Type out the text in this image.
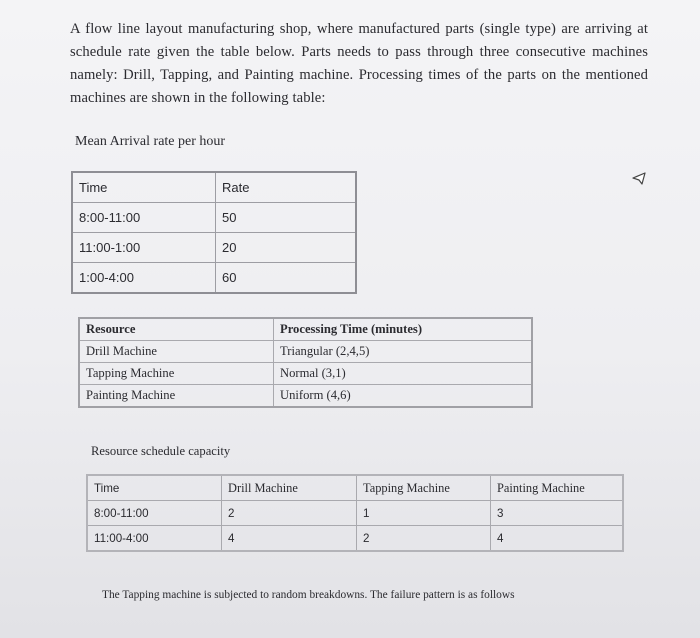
A flow line layout manufacturing shop, where manufactured parts (single type) are arriving at schedule rate given the table below. Parts needs to pass through three consecutive machines namely: Drill, Tapping, and Painting machine. Processing times of the parts on the mentioned machines are shown in the following table:
Mean Arrival rate per hour
Time	Rate
8:00-11:00	50
11:00-1:00	20
1:00-4:00	60
Resource	Processing Time (minutes)
Drill Machine	Triangular (2,4,5)
Tapping Machine	Normal (3,1)
Painting Machine	Uniform (4,6)
Resource schedule capacity
Time	Drill Machine	Tapping Machine	Painting Machine
8:00-11:00	2	1	3
11:00-4:00	4	2	4
The Tapping machine is subjected to random breakdowns. The failure pattern is as follows
